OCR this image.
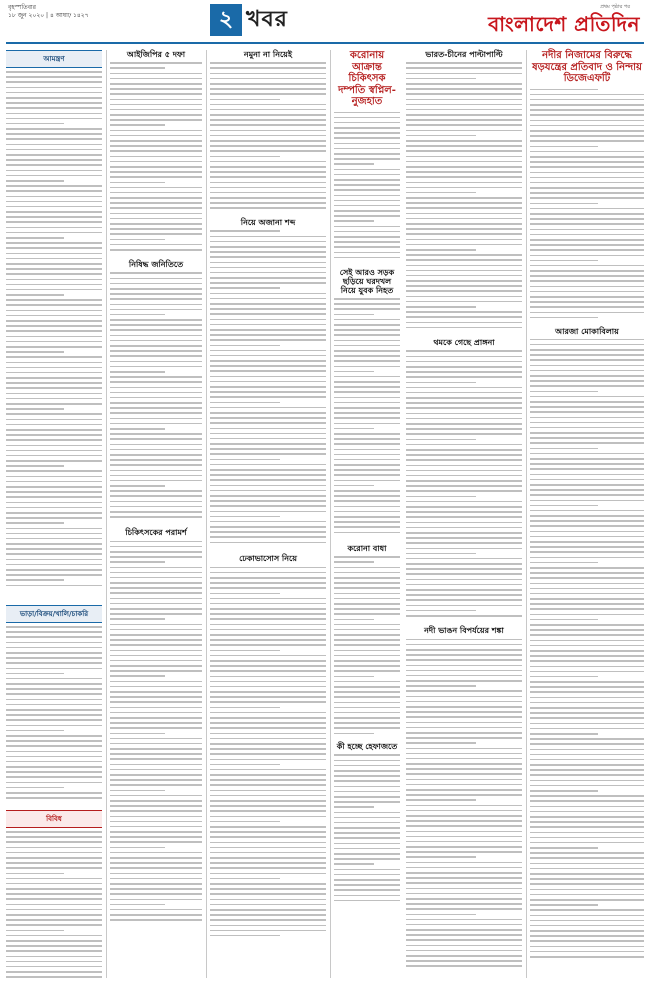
বৃহস্পতিবার
১৮ জুন ২০২০ | ৪ আষাঢ় ১৪২৭	২ খবর	প্রথম পৃষ্ঠার পর
বাংলাদেশ প্রতিদিন
আমন্ত্রণ
ভাড়া/বিক্রয়/খালি/চাকরি
বিবিধ
আইজিপির ৫ দফা
নিষিদ্ধ জনিতিতে
চিকিৎসকের পরামর্শ
নমুনা না নিয়েই
নিয়ে অজানা শব্দ
ঢেকাভাসোস নিয়ে
করোনায় আক্রান্ত চিকিৎসক দম্পতি স্বপ্নিল-নুজহাত
সেই আরও সড়ক ছড়িয়ে ঘরদখল নিয়ে যুবক নিহত
করোনা বাধা
কী হচ্ছে হেফাজতে
ভারত-চীনের পাল্টাপাল্টি
থমকে গেছে প্রাঙ্গনা
নদী ভাঙন বিপর্যয়ের শঙ্কা
নদীর নিজামের বিরুদ্ধে ষড়যন্ত্রের প্রতিবাদ ও নিন্দায় ডিজেএফটি
আরজা মোকাবিলায়
